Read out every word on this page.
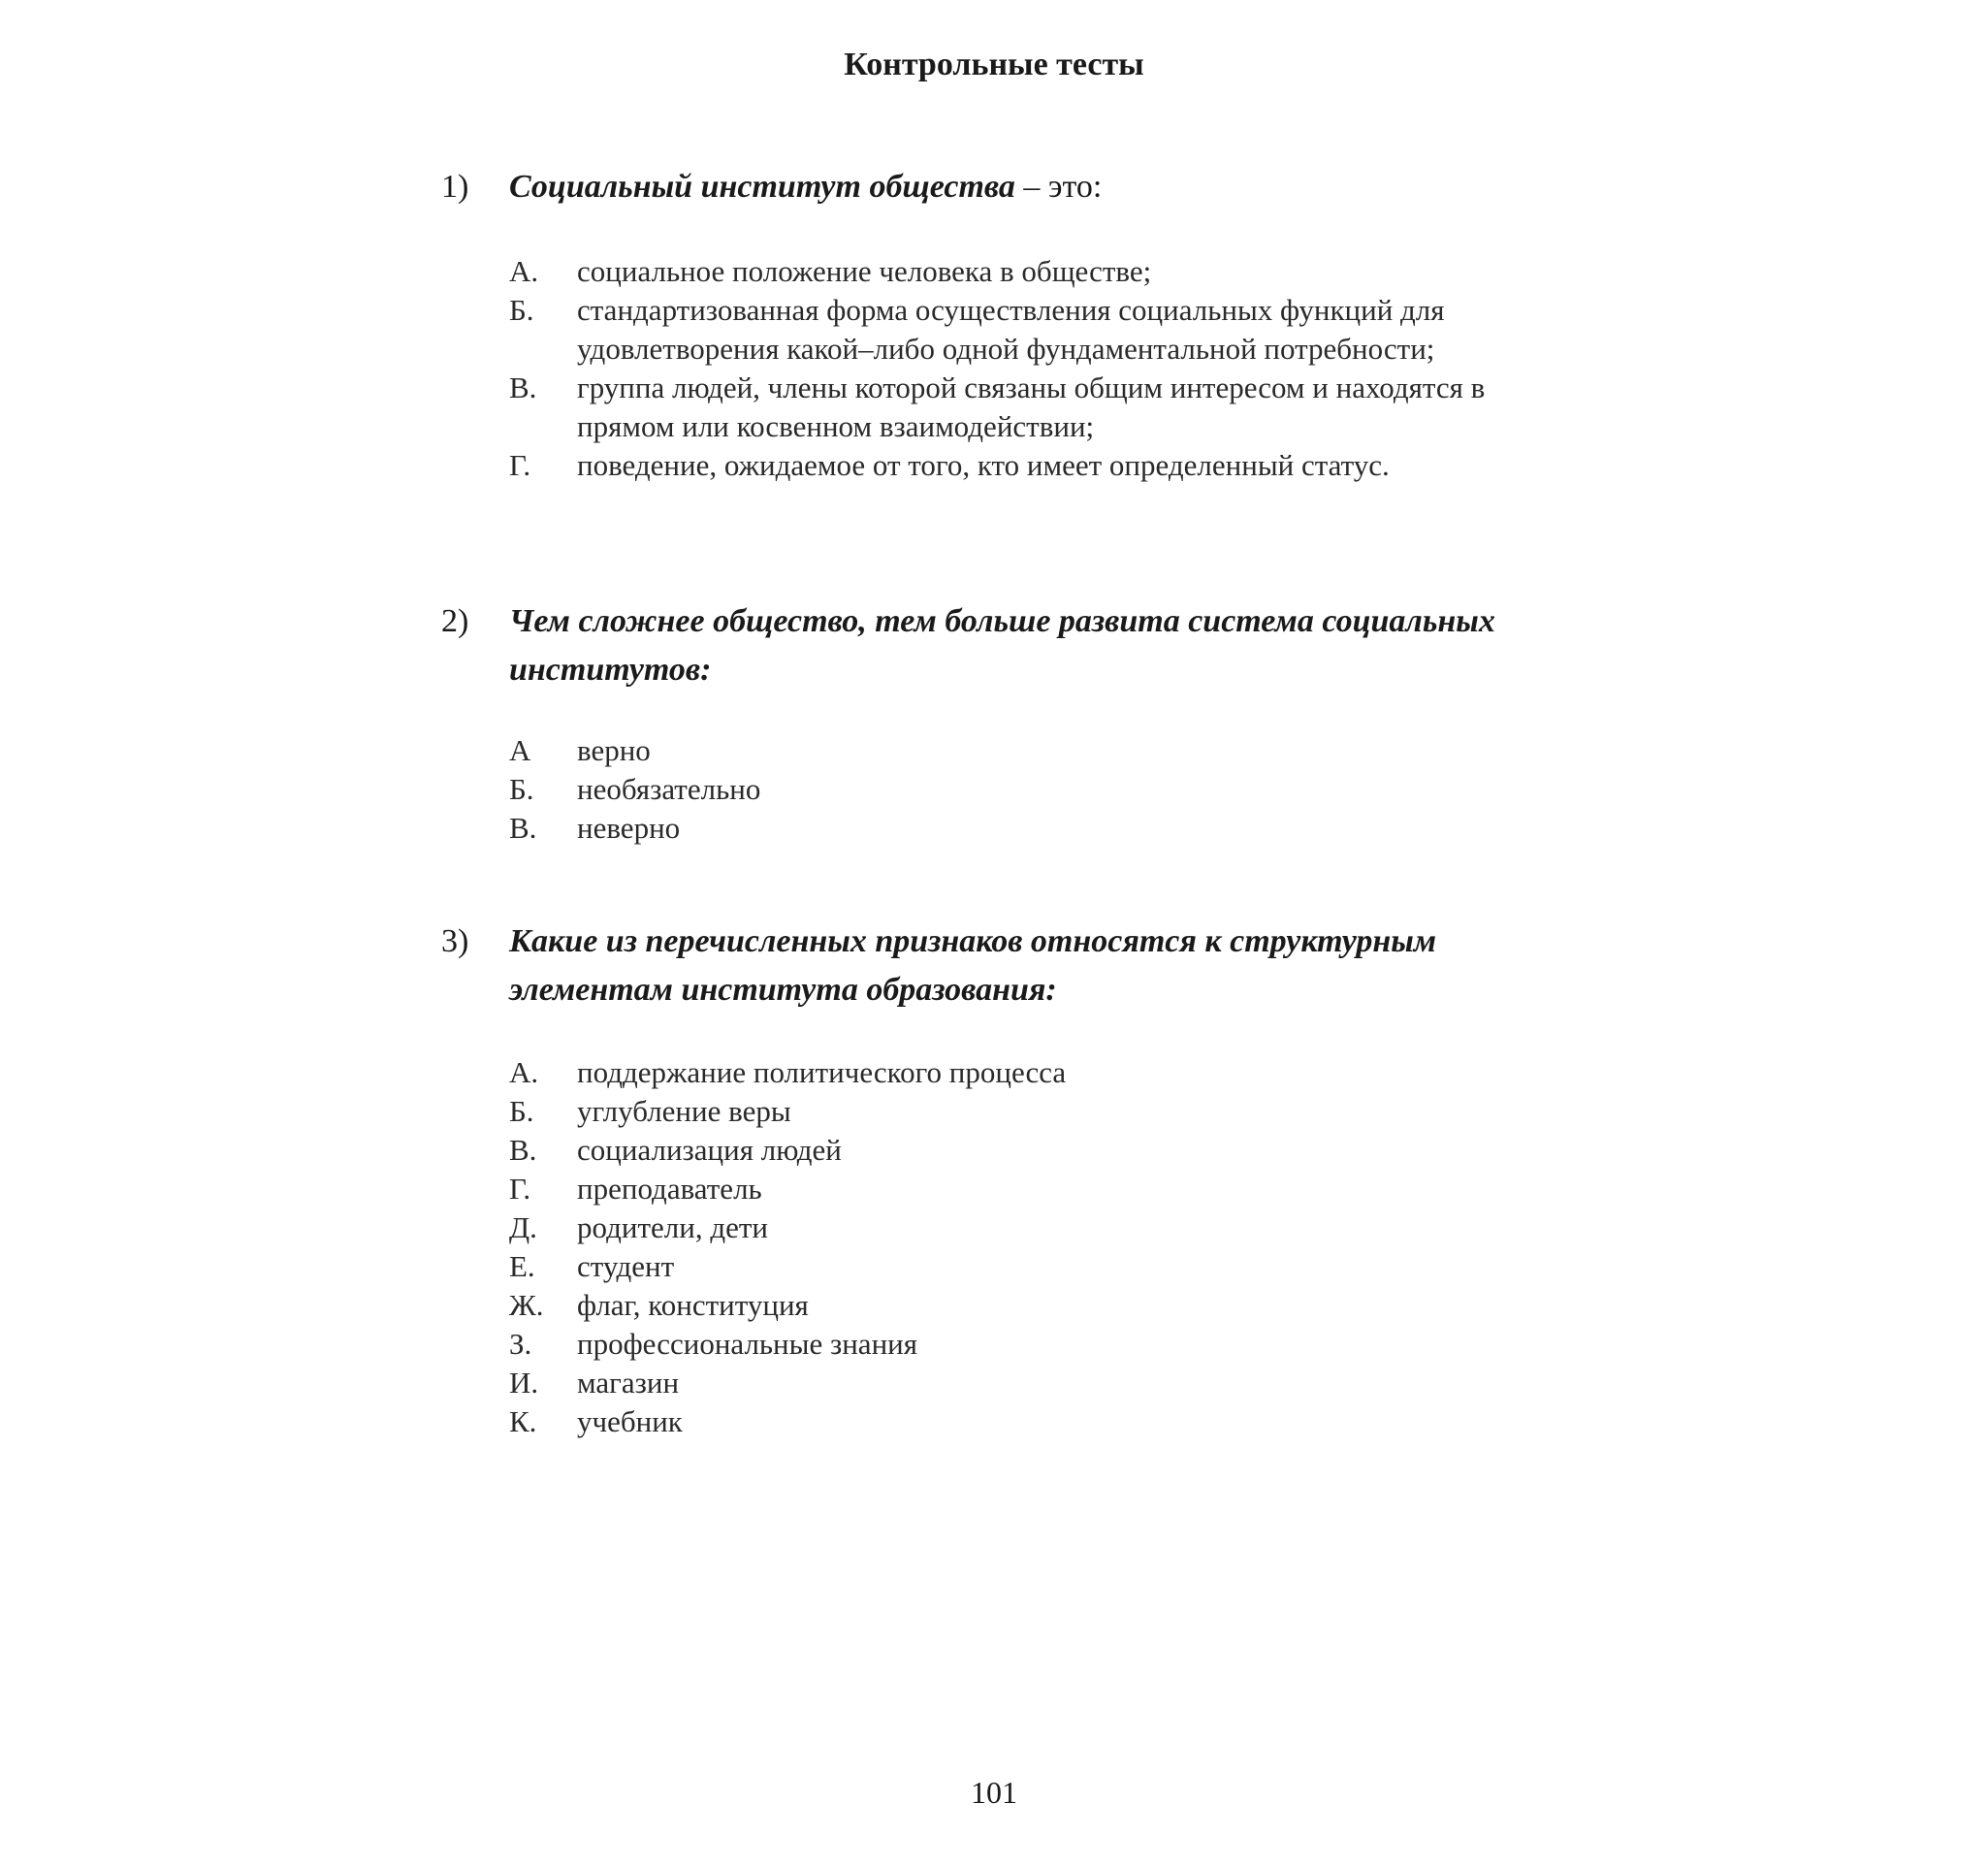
Контрольные тесты
1)	Социальный институт общества – это:
А.	социальное положение человека в обществе;
Б.	стандартизованная форма осуществления социальных функций для удовлетворения какой–либо одной фундаментальной потребности;
В.	группа людей, члены которой связаны общим интересом и находятся в прямом или косвенном взаимодействии;
Г.	поведение, ожидаемое от того, кто имеет определенный статус.
2)	Чем сложнее общество, тем больше развита система социальных институтов:
А	верно
Б.	необязательно
В.	неверно
3)	Какие из перечисленных признаков относятся к структурным элементам института образования:
А.	поддержание политического процесса
Б.	углубление веры
В.	социализация людей
Г.	преподаватель
Д.	родители, дети
Е.	студент
Ж.	флаг, конституция
З.	профессиональные знания
И.	магазин
К.	учебник
101
